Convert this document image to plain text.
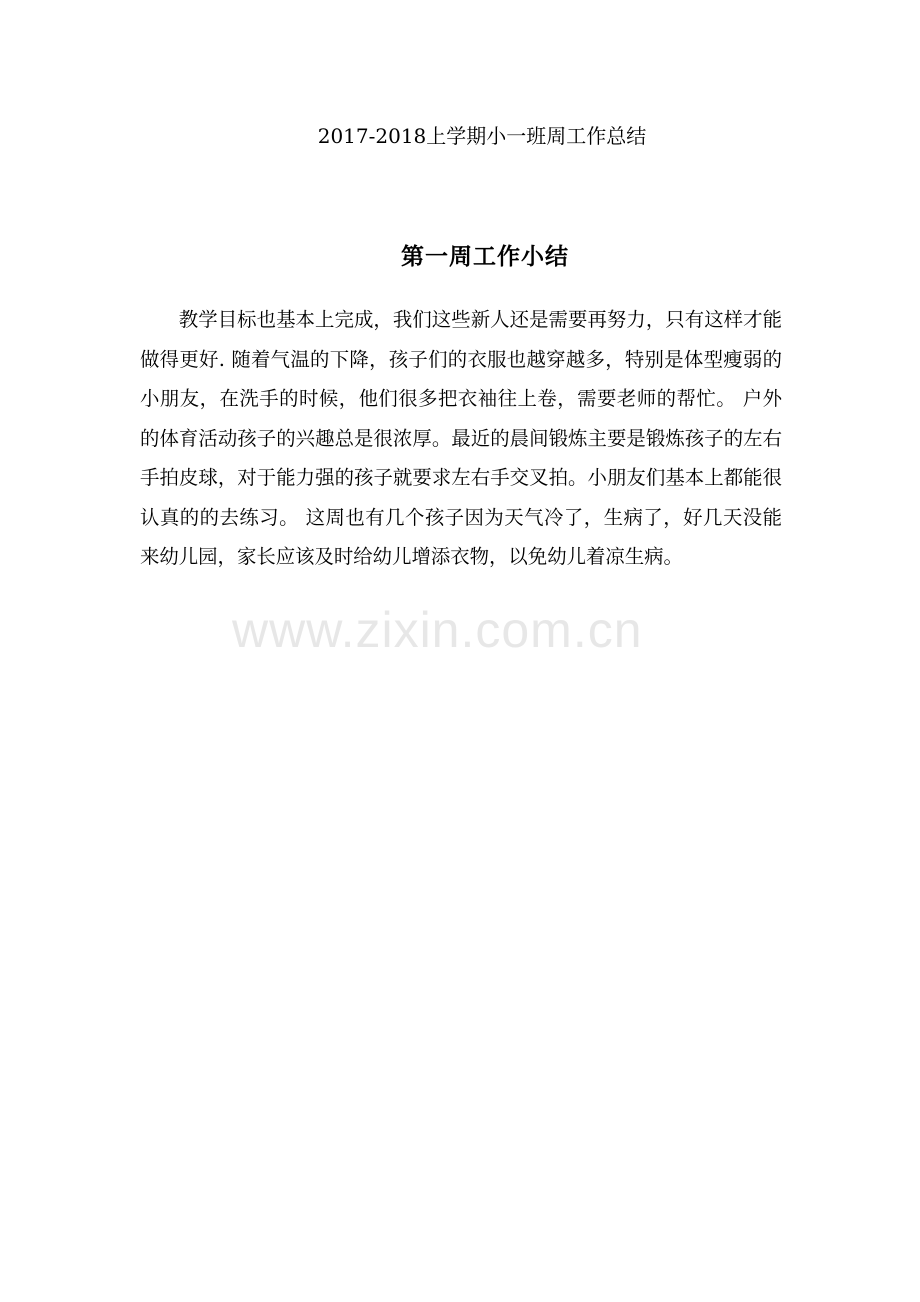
2017-2018上学期小一班周工作总结
第一周工作小结

教学目标也基本上完成，我们这些新人还是需要再努力，只有这样才能做得更好. 随着气温的下降，孩子们的衣服也越穿越多，特别是体型瘦弱的小朋友，在洗手的时候，他们很多把衣袖往上卷，需要老师的帮忙。 户外的体育活动孩子的兴趣总是很浓厚。最近的晨间锻炼主要是锻炼孩子的左右手拍皮球，对于能力强的孩子就要求左右手交叉拍。小朋友们基本上都能很认真的的去练习。 这周也有几个孩子因为天气冷了，生病了，好几天没能来幼儿园，家长应该及时给幼儿增添衣物，以免幼儿着凉生病。

www.zixin.com.cn
